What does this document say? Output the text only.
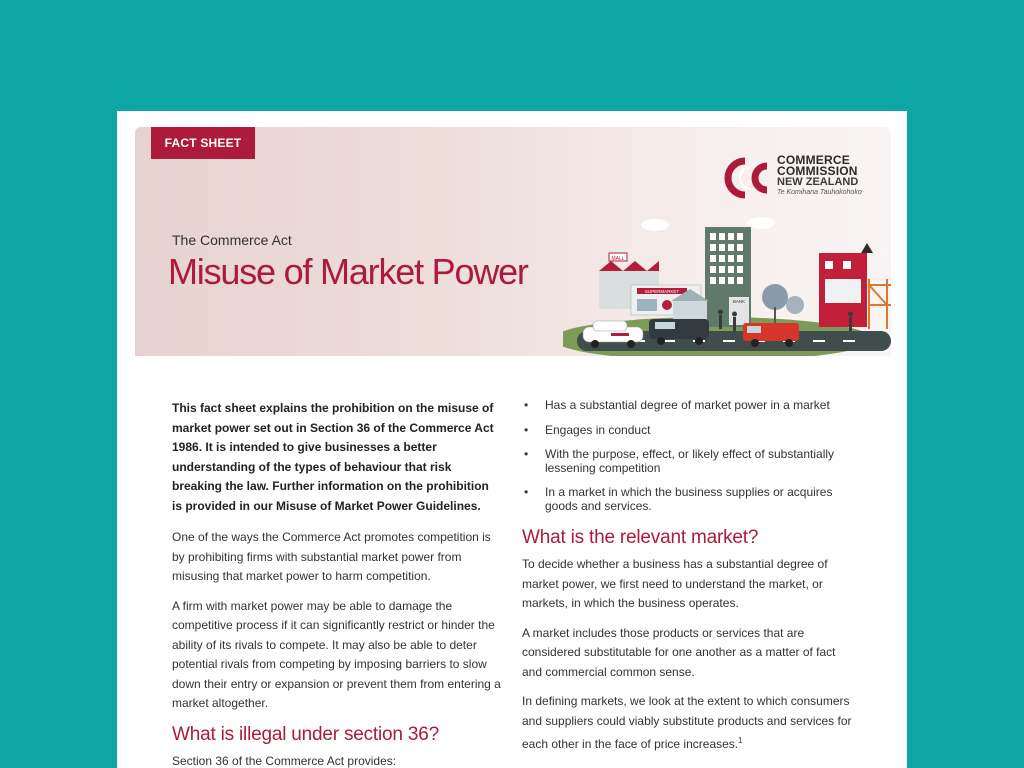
FACT SHEET
COMMERCE
COMMISSION
NEW ZEALAND
Te Komihana Tauhokohoko
The Commerce Act
Misuse of Market Power	MALL
SUPERMARKET
BANK

This fact sheet explains the prohibition on the misuse of market power set out in Section 36 of the Commerce Act 1986. It is intended to give businesses a better understanding of the types of behaviour that risk breaking the law. Further information on the prohibition is provided in our Misuse of Market Power Guidelines.

One of the ways the Commerce Act promotes competition is by prohibiting firms with substantial market power from misusing that market power to harm competition.

A firm with market power may be able to damage the competitive process if it can significantly restrict or hinder the ability of its rivals to compete. It may also be able to deter potential rivals from competing by imposing barriers to slow down their entry or expansion or prevent them from entering a market altogether.

What is illegal under section 36?

Section 36 of the Commerce Act provides:

• Has a substantial degree of market power in a market
• Engages in conduct
• With the purpose, effect, or likely effect of substantially lessening competition
• In a market in which the business supplies or acquires goods and services.
What is the relevant market?

To decide whether a business has a substantial degree of market power, we first need to understand the market, or markets, in which the business operates.

A market includes those products or services that are considered substitutable for one another as a matter of fact and commercial common sense.

In defining markets, we look at the extent to which consumers and suppliers could viably substitute products and services for each other in the face of price increases.$^1$
